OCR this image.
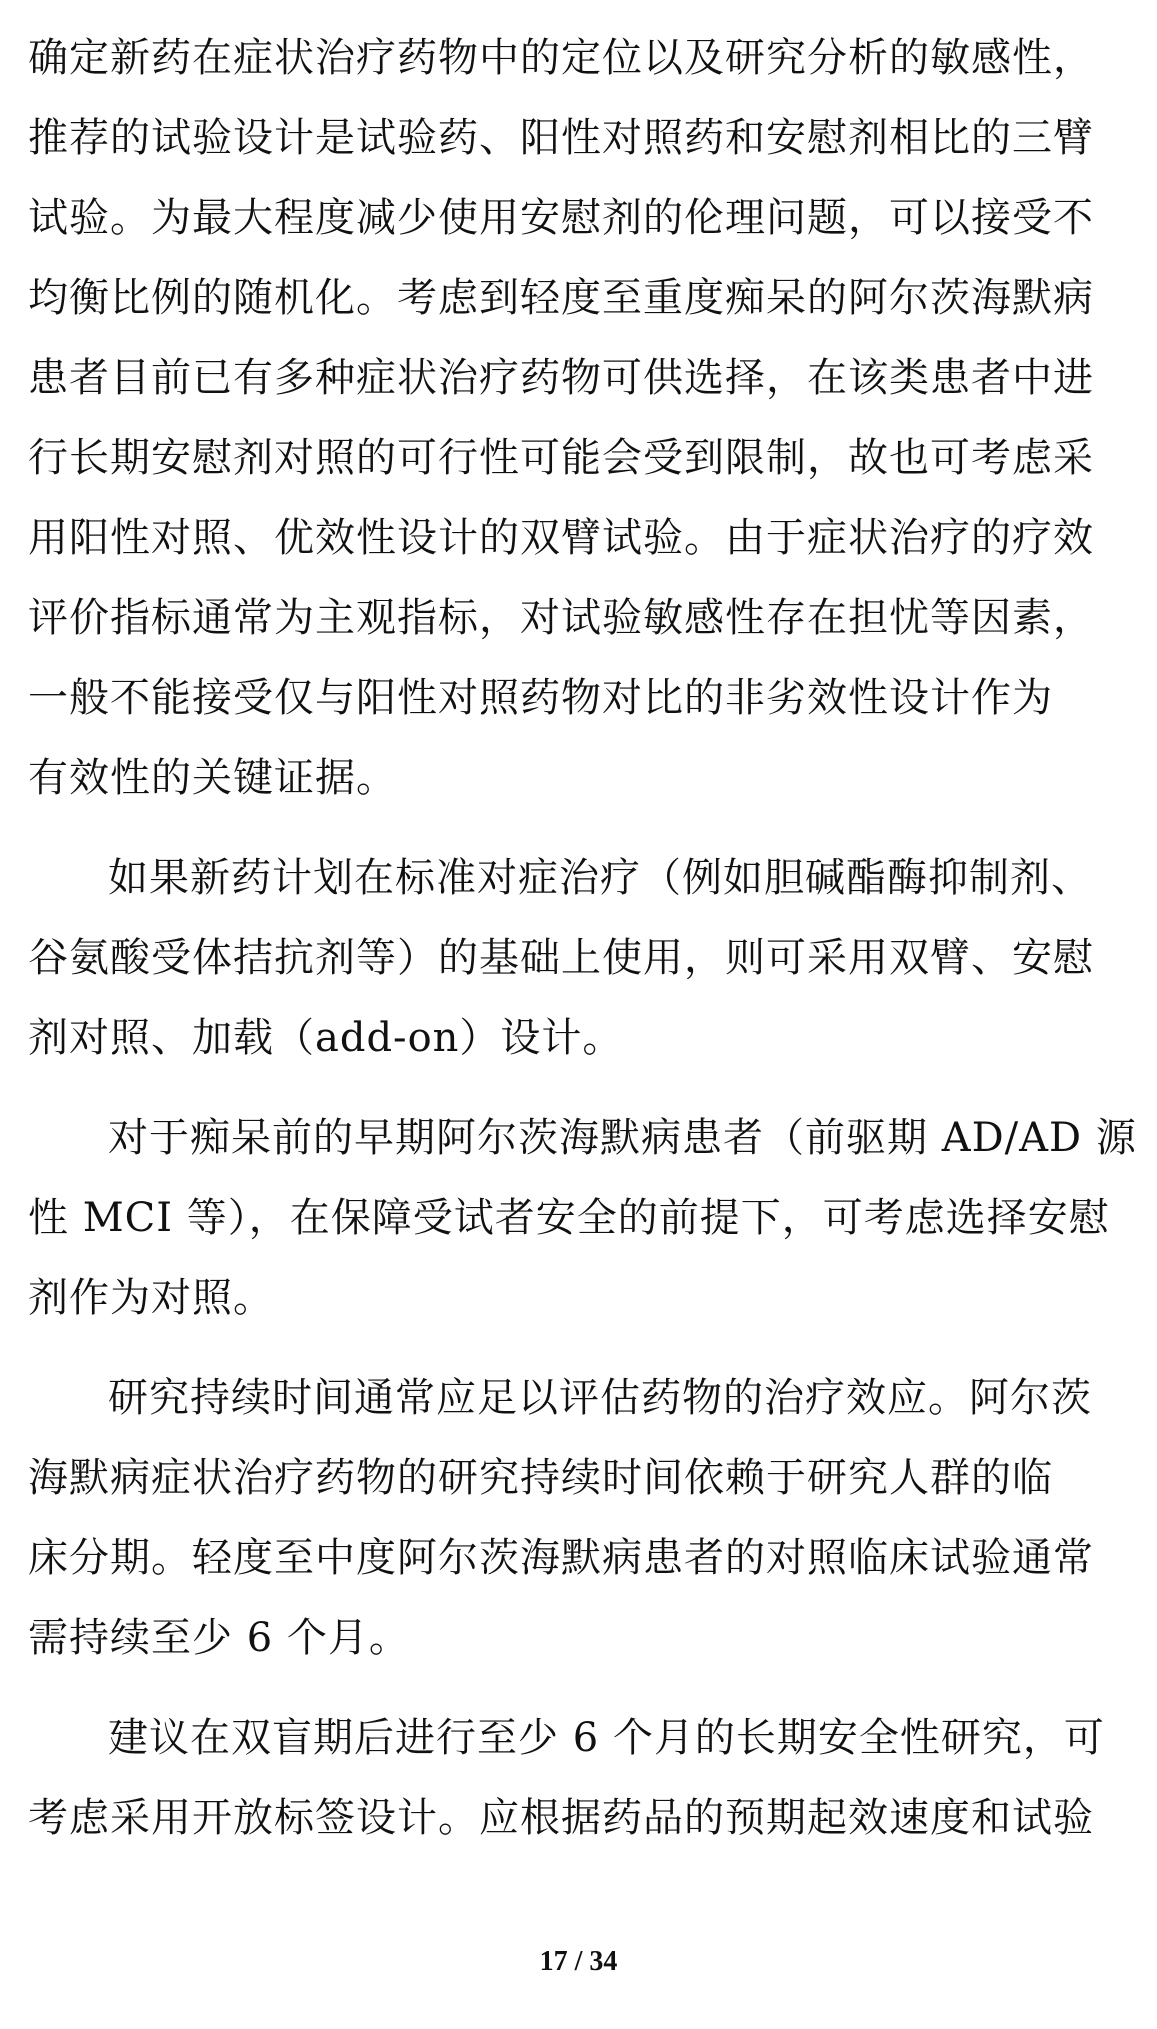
确定新药在症状治疗药物中的定位以及研究分析的敏感性，
推荐的试验设计是试验药、阳性对照药和安慰剂相比的三臂
试验。为最大程度减少使用安慰剂的伦理问题，可以接受不
均衡比例的随机化。考虑到轻度至重度痴呆的阿尔茨海默病
患者目前已有多种症状治疗药物可供选择，在该类患者中进
行长期安慰剂对照的可行性可能会受到限制，故也可考虑采
用阳性对照、优效性设计的双臂试验。由于症状治疗的疗效
评价指标通常为主观指标，对试验敏感性存在担忧等因素，
一般不能接受仅与阳性对照药物对比的非劣效性设计作为
有效性的关键证据。
如果新药计划在标准对症治疗（例如胆碱酯酶抑制剂、
谷氨酸受体拮抗剂等）的基础上使用，则可采用双臂、安慰
剂对照、加载（add-on）设计。
对于痴呆前的早期阿尔茨海默病患者（前驱期 AD/AD 源
性 MCI 等），在保障受试者安全的前提下，可考虑选择安慰
剂作为对照。
研究持续时间通常应足以评估药物的治疗效应。阿尔茨
海默病症状治疗药物的研究持续时间依赖于研究人群的临
床分期。轻度至中度阿尔茨海默病患者的对照临床试验通常
需持续至少 6 个月。
建议在双盲期后进行至少 6 个月的长期安全性研究，可
考虑采用开放标签设计。应根据药品的预期起效速度和试验
17 / 34
